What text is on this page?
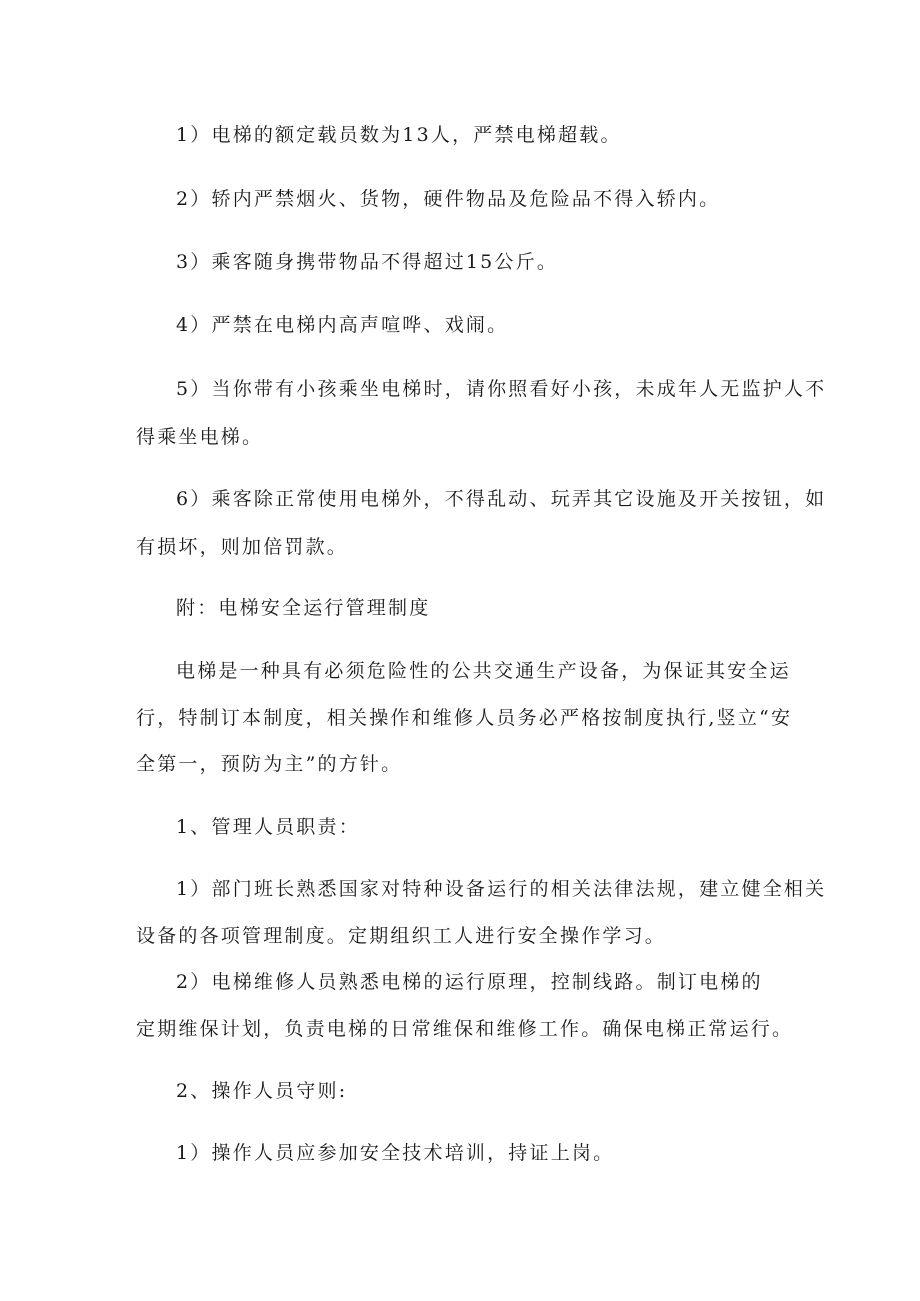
1）电梯的额定载员数为13人，严禁电梯超载。
2）轿内严禁烟火、货物，硬件物品及危险品不得入轿内。
3）乘客随身携带物品不得超过15公斤。
4）严禁在电梯内高声喧哗、戏闹。
5）当你带有小孩乘坐电梯时，请你照看好小孩，未成年人无监护人不
得乘坐电梯。
6）乘客除正常使用电梯外，不得乱动、玩弄其它设施及开关按钮，如
有损坏，则加倍罚款。
附：电梯安全运行管理制度
电梯是一种具有必须危险性的公共交通生产设备，为保证其安全运
行，特制订本制度，相关操作和维修人员务必严格按制度执行,竖立“安
全第一，预防为主”的方针。
1、管理人员职责：
1）部门班长熟悉国家对特种设备运行的相关法律法规，建立健全相关
设备的各项管理制度。定期组织工人进行安全操作学习。
2）电梯维修人员熟悉电梯的运行原理，控制线路。制订电梯的
定期维保计划，负责电梯的日常维保和维修工作。确保电梯正常运行。
2、操作人员守则:
1）操作人员应参加安全技术培训，持证上岗。
